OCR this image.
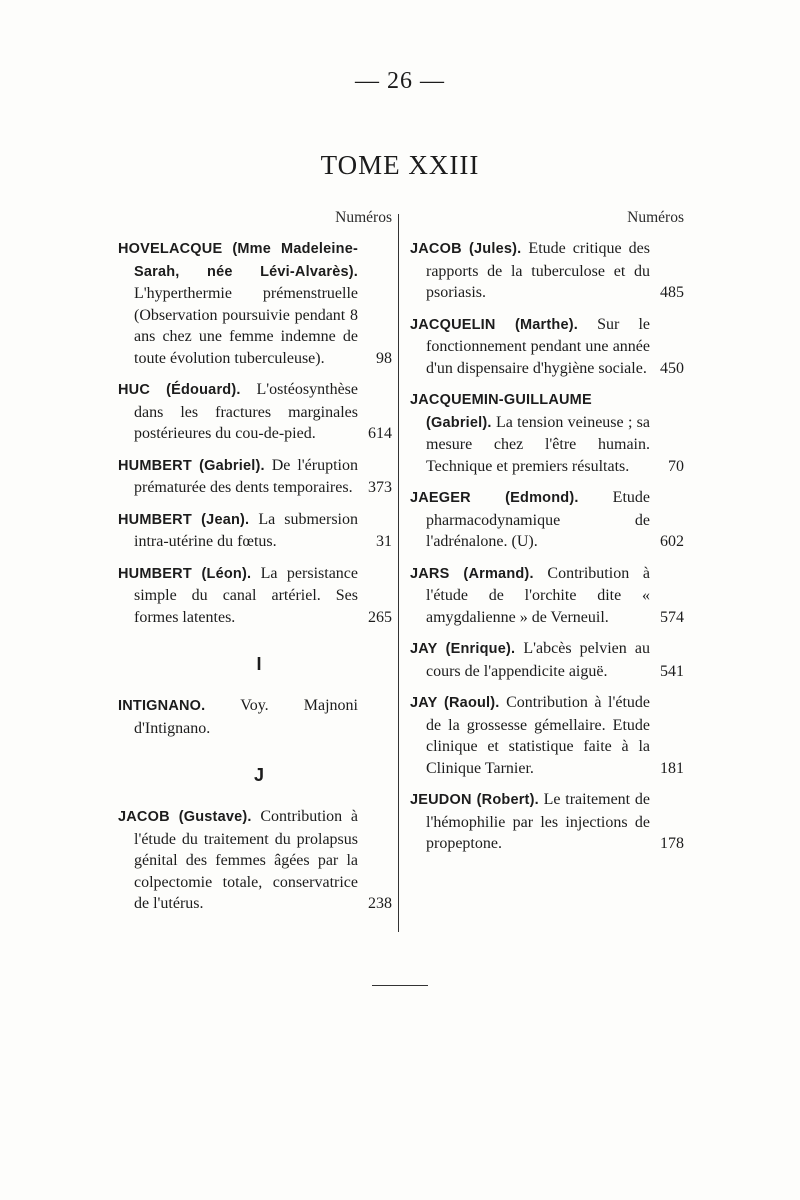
— 26 —
TOME XXIII
Numéros
HOVELACQUE (Mme Madeleine-Sarah, née Lévi-Alvarès). L'hyperthermie prémenstruelle (Observation poursuivie pendant 8 ans chez une femme indemne de toute évolution tuberculeuse).	98
HUC (Édouard). L'ostéosynthèse dans les fractures marginales postérieures du cou-de-pied.	614
HUMBERT (Gabriel). De l'éruption prématurée des dents temporaires. 373
HUMBERT (Jean). La submersion intra-utérine du fœtus.	31
HUMBERT (Léon). La persistance simple du canal artériel. Ses formes latentes.	265
I
INTIGNANO. Voy. Majnoni d'Intignano.
J
JACOB (Gustave). Contribution à l'étude du traitement du prolapsus génital des femmes âgées par la colpectomie totale, conservatrice de l'utérus.	238
Numéros
JACOB (Jules). Etude critique des rapports de la tuberculose et du psoriasis.	485
JACQUELIN (Marthe). Sur le fonctionnement pendant une année d'un dispensaire d'hygiène sociale. 450
JACQUEMIN-GUILLAUME (Gabriel). La tension veineuse ; sa mesure chez l'être humain. Technique et premiers résultats.	70
JAEGER (Edmond). Etude pharmacodynamique de l'adrénalone. (U).	602
JARS (Armand). Contribution à l'étude de l'orchite dite « amygdalienne » de Verneuil.	574
JAY (Enrique). L'abcès pelvien au cours de l'appendicite aiguë.	541
JAY (Raoul). Contribution à l'étude de la grossesse gémellaire. Etude clinique et statistique faite à la Clinique Tarnier.	181
JEUDON (Robert). Le traitement de l'hémophilie par les injections de propeptone.	178
